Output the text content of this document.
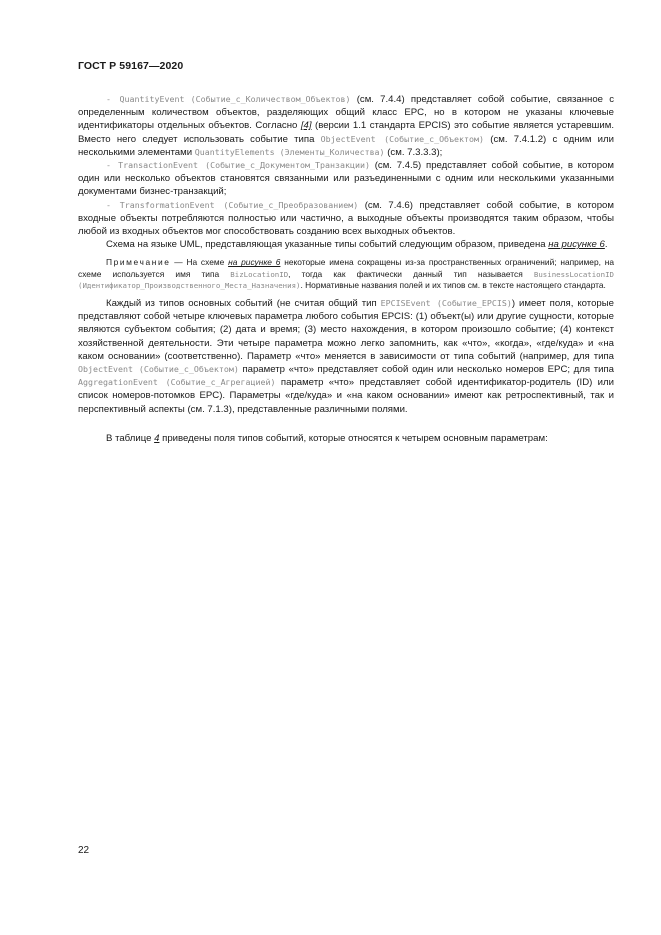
ГОСТ Р 59167—2020

- QuantityEvent (Событие_с_Количеством_Объектов) (см. 7.4.4) представляет собой событие, связанное с определенным количеством объектов, разделяющих общий класс EPC, но в котором не указаны ключевые идентификаторы отдельных объектов. Согласно [4] (версии 1.1 стандарта EPCIS) это событие является устаревшим. Вместо него следует использовать событие типа ObjectEvent (Событие_с_Объектом) (см. 7.4.1.2) с одним или несколькими элементами QuantityElements (Элементы_Количества) (см. 7.3.3.3);

- TransactionEvent (Событие_с_Документом_Транзакции) (см. 7.4.5) представляет собой событие, в котором один или несколько объектов становятся связанными или разъединенными с одним или несколькими указанными документами бизнес-транзакций;

- TransformationEvent (Событие_с_Преобразованием) (см. 7.4.6) представляет собой событие, в котором входные объекты потребляются полностью или частично, а выходные объекты производятся таким образом, чтобы любой из входных объектов мог способствовать созданию всех выходных объектов.

Схема на языке UML, представляющая указанные типы событий следующим образом, приведена на рисунке 6.

Примечание — На схеме на рисунке 6 некоторые имена сокращены из-за пространственных ограничений; например, на схеме используется имя типа BizLocationID, тогда как фактически данный тип называется BusinessLocationID (Идентификатор_Производственного_Места_Назначения). Нормативные названия полей и их типов см. в тексте настоящего стандарта.

Каждый из типов основных событий (не считая общий тип EPCISEvent (Событие_EPCIS)) имеет поля, которые представляют собой четыре ключевых параметра любого события EPCIS: (1) объект(ы) или другие сущности, которые являются субъектом события; (2) дата и время; (3) место нахождения, в котором произошло событие; (4) контекст хозяйственной деятельности. Эти четыре параметра можно легко запомнить, как «что», «когда», «где/куда» и «на каком основании» (соответственно). Параметр «что» меняется в зависимости от типа событий (например, для типа ObjectEvent (Событие_с_Объектом) параметр «что» представляет собой один или несколько номеров EPC; для типа AggregationEvent (Событие_с_Агрегацией) параметр «что» представляет собой идентификатор-родитель (ID) или список номеров-потомков EPC). Параметры «где/куда» и «на каком основании» имеют как ретроспективный, так и перспективный аспекты (см. 7.1.3), представленные различными полями.

В таблице 4 приведены поля типов событий, которые относятся к четырем основным параметрам:

22
